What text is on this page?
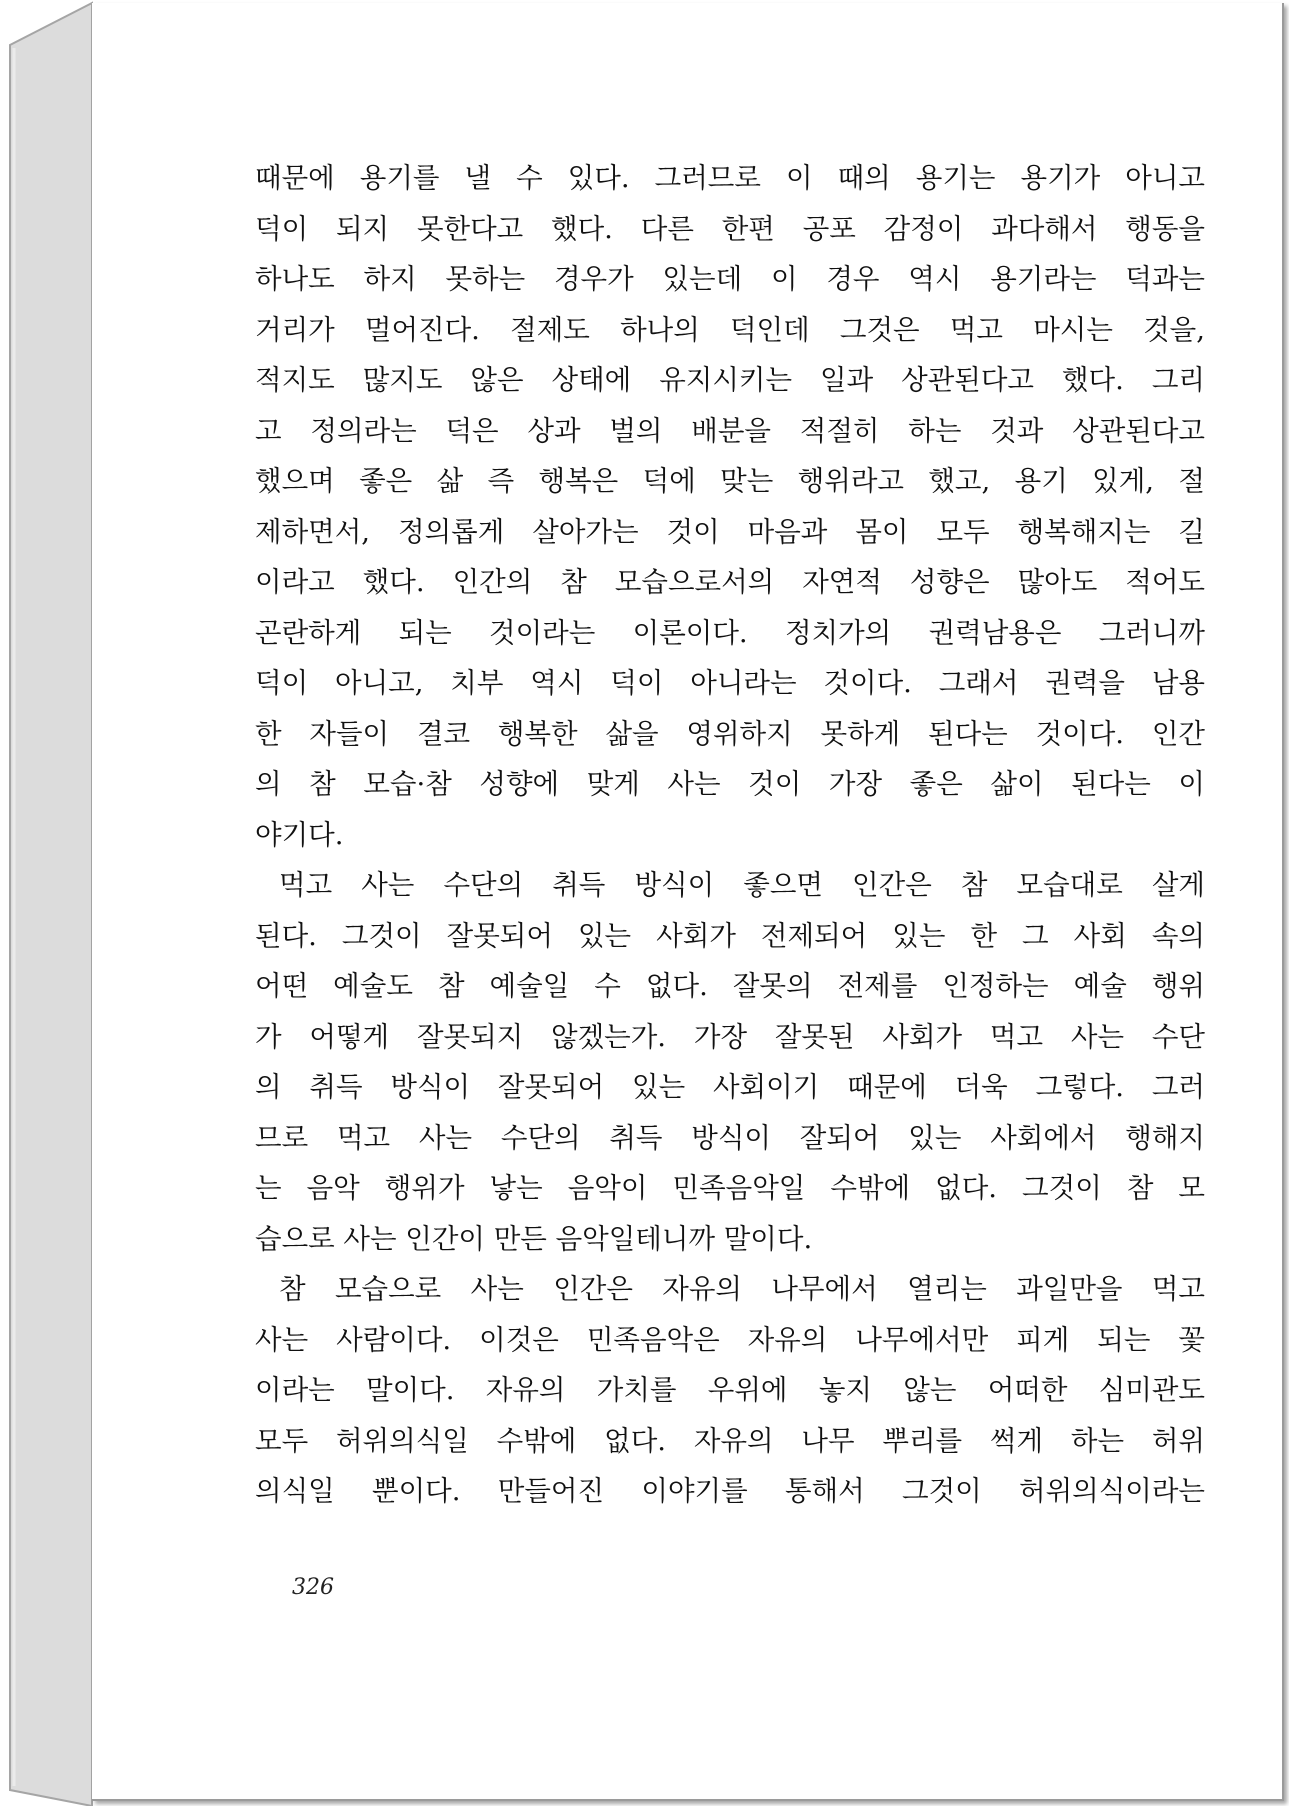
때문에 용기를 낼 수 있다. 그러므로 이 때의 용기는 용기가 아니고
덕이 되지 못한다고 했다. 다른 한편 공포 감정이 과다해서 행동을
하나도 하지 못하는 경우가 있는데 이 경우 역시 용기라는 덕과는
거리가 멀어진다. 절제도 하나의 덕인데 그것은 먹고 마시는 것을,
적지도 많지도 않은 상태에 유지시키는 일과 상관된다고 했다. 그리
고 정의라는 덕은 상과 벌의 배분을 적절히 하는 것과 상관된다고
했으며 좋은 삶 즉 행복은 덕에 맞는 행위라고 했고, 용기 있게, 절
제하면서, 정의롭게 살아가는 것이 마음과 몸이 모두 행복해지는 길
이라고 했다. 인간의 참 모습으로서의 자연적 성향은 많아도 적어도
곤란하게 되는 것이라는 이론이다. 정치가의 권력남용은 그러니까
덕이 아니고, 치부 역시 덕이 아니라는 것이다. 그래서 권력을 남용
한 자들이 결코 행복한 삶을 영위하지 못하게 된다는 것이다. 인간
의 참 모습·참 성향에 맞게 사는 것이 가장 좋은 삶이 된다는 이
야기다.
먹고 사는 수단의 취득 방식이 좋으면 인간은 참 모습대로 살게
된다. 그것이 잘못되어 있는 사회가 전제되어 있는 한 그 사회 속의
어떤 예술도 참 예술일 수 없다. 잘못의 전제를 인정하는 예술 행위
가 어떻게 잘못되지 않겠는가. 가장 잘못된 사회가 먹고 사는 수단
의 취득 방식이 잘못되어 있는 사회이기 때문에 더욱 그렇다. 그러
므로 먹고 사는 수단의 취득 방식이 잘되어 있는 사회에서 행해지
는 음악 행위가 낳는 음악이 민족음악일 수밖에 없다. 그것이 참 모
습으로 사는 인간이 만든 음악일테니까 말이다.
참 모습으로 사는 인간은 자유의 나무에서 열리는 과일만을 먹고
사는 사람이다. 이것은 민족음악은 자유의 나무에서만 피게 되는 꽃
이라는 말이다. 자유의 가치를 우위에 놓지 않는 어떠한 심미관도
모두 허위의식일 수밖에 없다. 자유의 나무 뿌리를 썩게 하는 허위
의식일 뿐이다. 만들어진 이야기를 통해서 그것이 허위의식이라는
326
